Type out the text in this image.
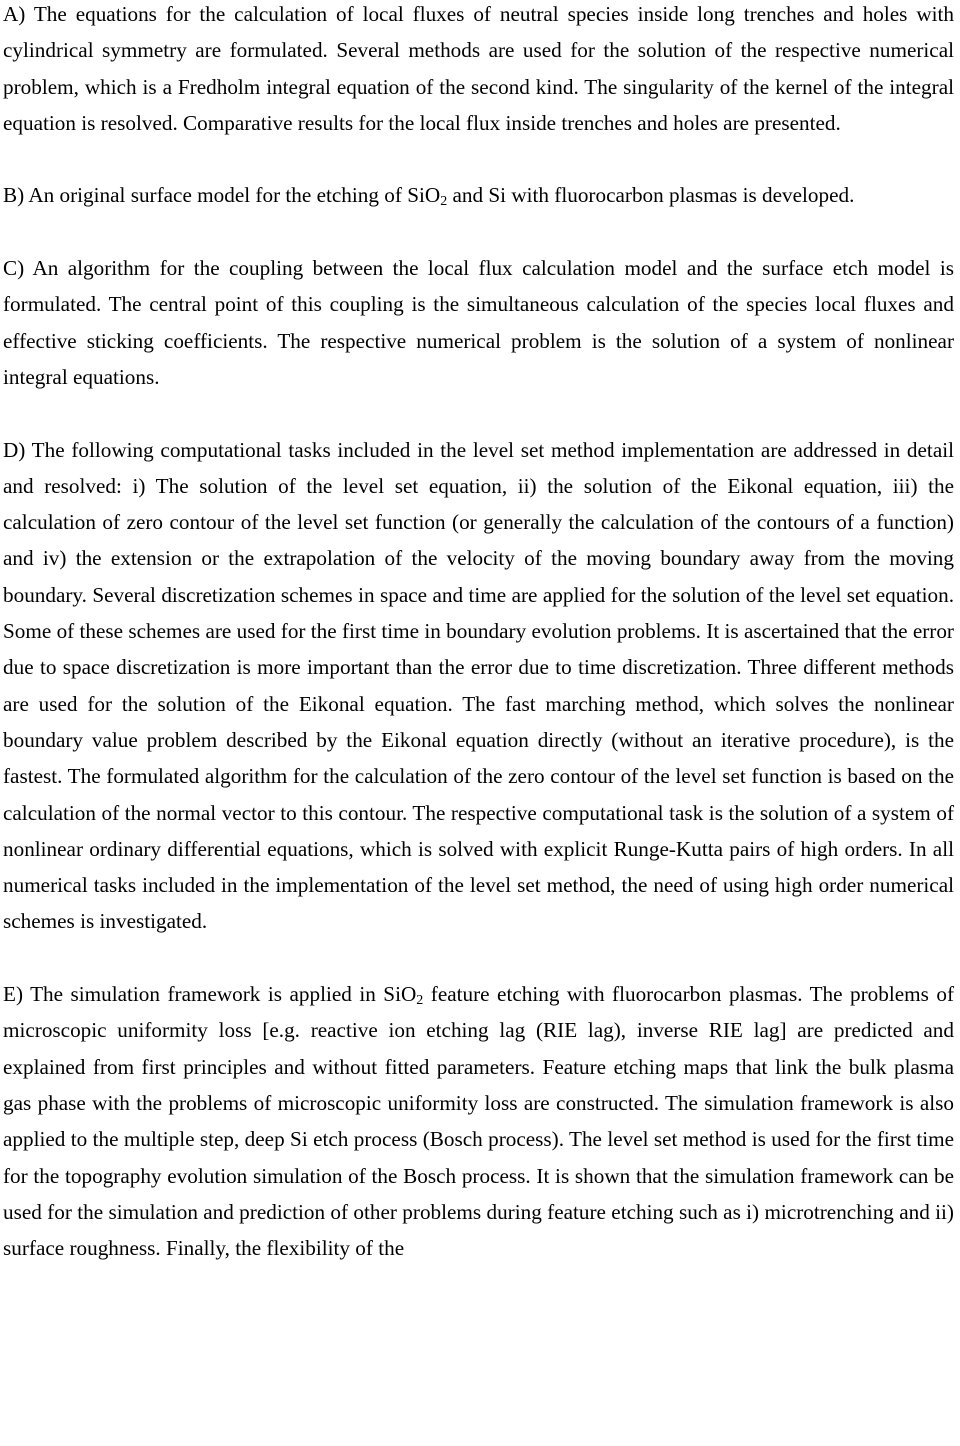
A) The equations for the calculation of local fluxes of neutral species inside long trenches and holes with cylindrical symmetry are formulated. Several methods are used for the solution of the respective numerical problem, which is a Fredholm integral equation of the second kind. The singularity of the kernel of the integral equation is resolved. Comparative results for the local flux inside trenches and holes are presented.

B) An original surface model for the etching of SiO$_2$ and Si with fluorocarbon plasmas is developed.

C) An algorithm for the coupling between the local flux calculation model and the surface etch model is formulated. The central point of this coupling is the simultaneous calculation of the species local fluxes and effective sticking coefficients. The respective numerical problem is the solution of a system of nonlinear integral equations.

D) The following computational tasks included in the level set method implementation are addressed in detail and resolved: i) The solution of the level set equation, ii) the solution of the Eikonal equation, iii) the calculation of zero contour of the level set function (or generally the calculation of the contours of a function) and iv) the extension or the extrapolation of the velocity of the moving boundary away from the moving boundary. Several discretization schemes in space and time are applied for the solution of the level set equation. Some of these schemes are used for the first time in boundary evolution problems. It is ascertained that the error due to space discretization is more important than the error due to time discretization. Three different methods are used for the solution of the Eikonal equation. The fast marching method, which solves the nonlinear boundary value problem described by the Eikonal equation directly (without an iterative procedure), is the fastest. The formulated algorithm for the calculation of the zero contour of the level set function is based on the calculation of the normal vector to this contour. The respective computational task is the solution of a system of nonlinear ordinary differential equations, which is solved with explicit Runge-Kutta pairs of high orders. In all numerical tasks included in the implementation of the level set method, the need of using high order numerical schemes is investigated.

E) The simulation framework is applied in SiO$_2$ feature etching with fluorocarbon plasmas. The problems of microscopic uniformity loss [e.g. reactive ion etching lag (RIE lag), inverse RIE lag] are predicted and explained from first principles and without fitted parameters. Feature etching maps that link the bulk plasma gas phase with the problems of microscopic uniformity loss are constructed. The simulation framework is also applied to the multiple step, deep Si etch process (Bosch process). The level set method is used for the first time for the topography evolution simulation of the Bosch process. It is shown that the simulation framework can be used for the simulation and prediction of other problems during feature etching such as i) microtrenching and ii) surface roughness. Finally, the flexibility of the
